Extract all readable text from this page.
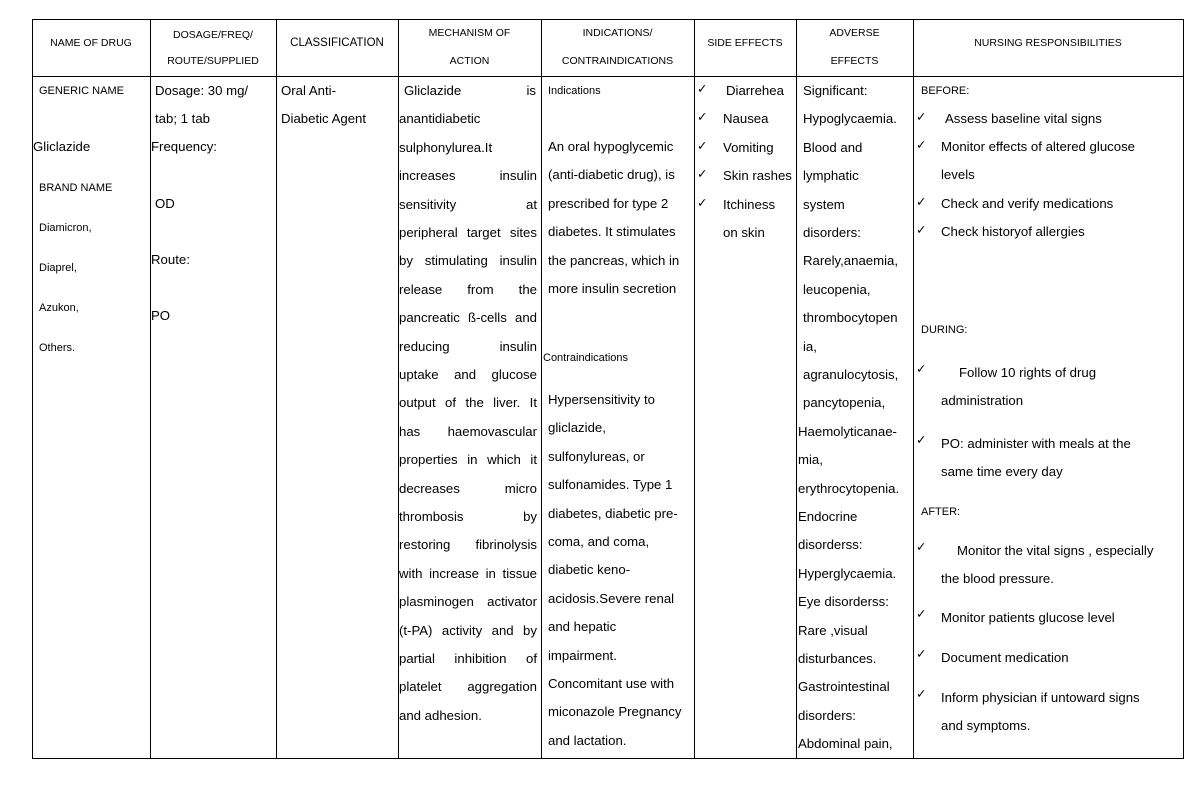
NAME OF DRUG
DOSAGE/FREQ/
ROUTE/SUPPLIED
CLASSIFICATION
MECHANISM OF
ACTION
INDICATIONS/
CONTRAINDICATIONS
SIDE EFFECTS
ADVERSE
EFFECTS
NURSING RESPONSIBILITIES
GENERIC NAME
Gliclazide
BRAND NAME
Diamicron,
Diaprel,
Azukon,
Others.
Dosage: 30 mg/
tab; 1 tab
Frequency:
OD
Route:
PO
Oral Anti-
Diabetic Agent
Gliclazide is
anantidiabetic
sulphonylurea.It
increases insulin
sensitivity at
peripheral target sites
by stimulating insulin
release from the
pancreatic ß-cells and
reducing insulin
uptake and glucose
output of the liver. It
has haemovascular
properties in which it
decreases micro
thrombosis by
restoring fibrinolysis
with increase in tissue
plasminogen activator
(t-PA) activity and by
partial inhibition of
platelet aggregation
and adhesion.
Indications
An oral hypoglycemic
(anti-diabetic drug), is
prescribed for type 2
diabetes. It stimulates
the pancreas, which in
more insulin secretion
Contraindications
Hypersensitivity to
gliclazide,
sulfonylureas, or
sulfonamides. Type 1
diabetes, diabetic pre-
coma, and coma,
diabetic keno-
acidosis.Severe renal
and hepatic
impairment.
Concomitant use with
miconazole Pregnancy
and lactation.
✓ Diarrehea
✓ Nausea
✓ Vomiting
✓ Skin rashes
✓ Itchiness
on skin
Significant:
Hypoglycaemia.
Blood and
lymphatic
system
disorders:
Rarely,anaemia,
leucopenia,
thrombocytopen
ia,
agranulocytosis,
pancytopenia,
Haemolyticanae-
mia,
erythrocytopenia.
Endocrine
disorderss:
Hyperglycaemia.
Eye disorderss:
Rare ,visual
disturbances.
Gastrointestinal
disorders:
Abdominal pain,
BEFORE:
DURING:
AFTER:
✓ Assess baseline vital signs
✓ Monitor effects of altered glucose
levels
✓ Check and verify medications
✓ Check historyof allergies
✓ Follow 10 rights of drug
administration
✓ PO: administer with meals at the
same time every day
✓ Monitor the vital signs , especially
the blood pressure.
✓ Monitor patients glucose level
✓ Document medication
✓ Inform physician if untoward signs
and symptoms.
